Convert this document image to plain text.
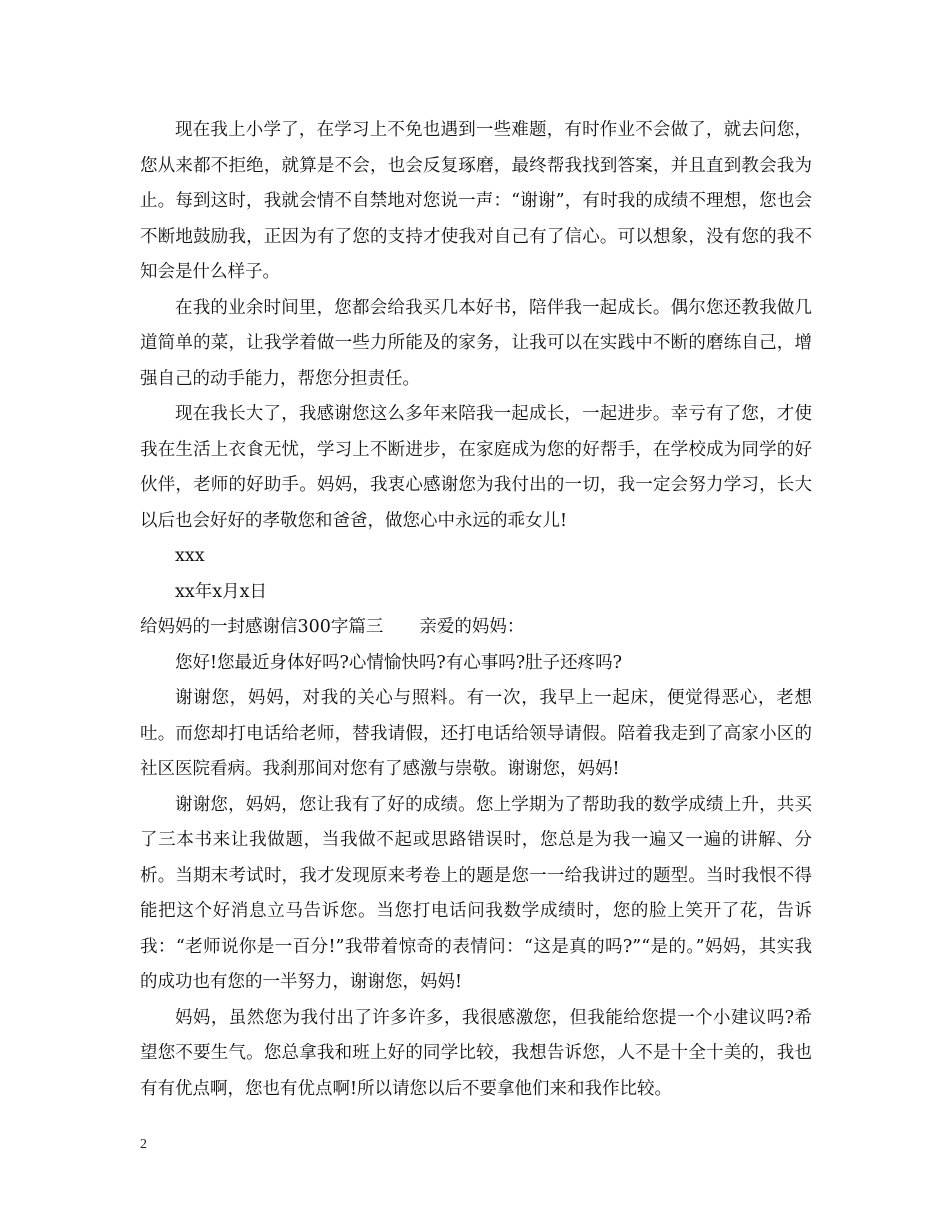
现在我上小学了，在学习上不免也遇到一些难题，有时作业不会做了，就去问您，您从来都不拒绝，就算是不会，也会反复琢磨，最终帮我找到答案，并且直到教会我为止。每到这时，我就会情不自禁地对您说一声：“谢谢”，有时我的成绩不理想，您也会不断地鼓励我，正因为有了您的支持才使我对自己有了信心。可以想象，没有您的我不知会是什么样子。

在我的业余时间里，您都会给我买几本好书，陪伴我一起成长。偶尔您还教我做几道简单的菜，让我学着做一些力所能及的家务，让我可以在实践中不断的磨练自己，增强自己的动手能力，帮您分担责任。

现在我长大了，我感谢您这么多年来陪我一起成长，一起进步。幸亏有了您，才使我在生活上衣食无忧，学习上不断进步，在家庭成为您的好帮手，在学校成为同学的好伙伴，老师的好助手。妈妈，我衷心感谢您为我付出的一切，我一定会努力学习，长大以后也会好好的孝敬您和爸爸，做您心中永远的乖女儿!

xxx

xx年x月x日

给妈妈的一封感谢信300字篇三 亲爱的妈妈：

您好!您最近身体好吗?心情愉快吗?有心事吗?肚子还疼吗?

谢谢您，妈妈，对我的关心与照料。有一次，我早上一起床，便觉得恶心，老想吐。而您却打电话给老师，替我请假，还打电话给领导请假。陪着我走到了高家小区的社区医院看病。我刹那间对您有了感激与崇敬。谢谢您，妈妈!

谢谢您，妈妈，您让我有了好的成绩。您上学期为了帮助我的数学成绩上升，共买了三本书来让我做题，当我做不起或思路错误时，您总是为我一遍又一遍的讲解、分析。当期末考试时，我才发现原来考卷上的题是您一一给我讲过的题型。当时我恨不得能把这个好消息立马告诉您。当您打电话问我数学成绩时，您的脸上笑开了花，告诉我：“老师说你是一百分!”我带着惊奇的表情问：“这是真的吗?”“是的。”妈妈，其实我的成功也有您的一半努力，谢谢您，妈妈!

妈妈，虽然您为我付出了许多许多，我很感激您，但我能给您提一个小建议吗?希望您不要生气。您总拿我和班上好的同学比较，我想告诉您，人不是十全十美的，我也有有优点啊，您也有优点啊!所以请您以后不要拿他们来和我作比较。

2
